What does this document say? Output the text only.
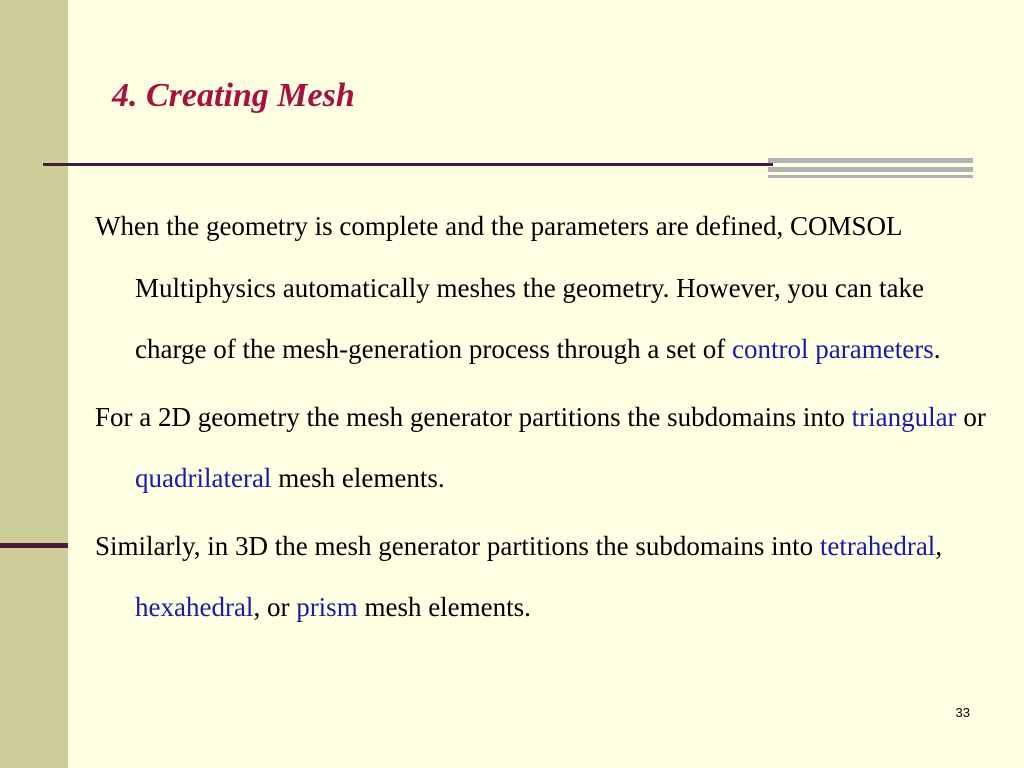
4. Creating Mesh

When the geometry is complete and the parameters are defined, COMSOL Multiphysics automatically meshes the geometry. However, you can take charge of the mesh-generation process through a set of control parameters.

For a 2D geometry the mesh generator partitions the subdomains into triangular or quadrilateral mesh elements.

Similarly, in 3D the mesh generator partitions the subdomains into tetrahedral, hexahedral, or prism mesh elements.

33
